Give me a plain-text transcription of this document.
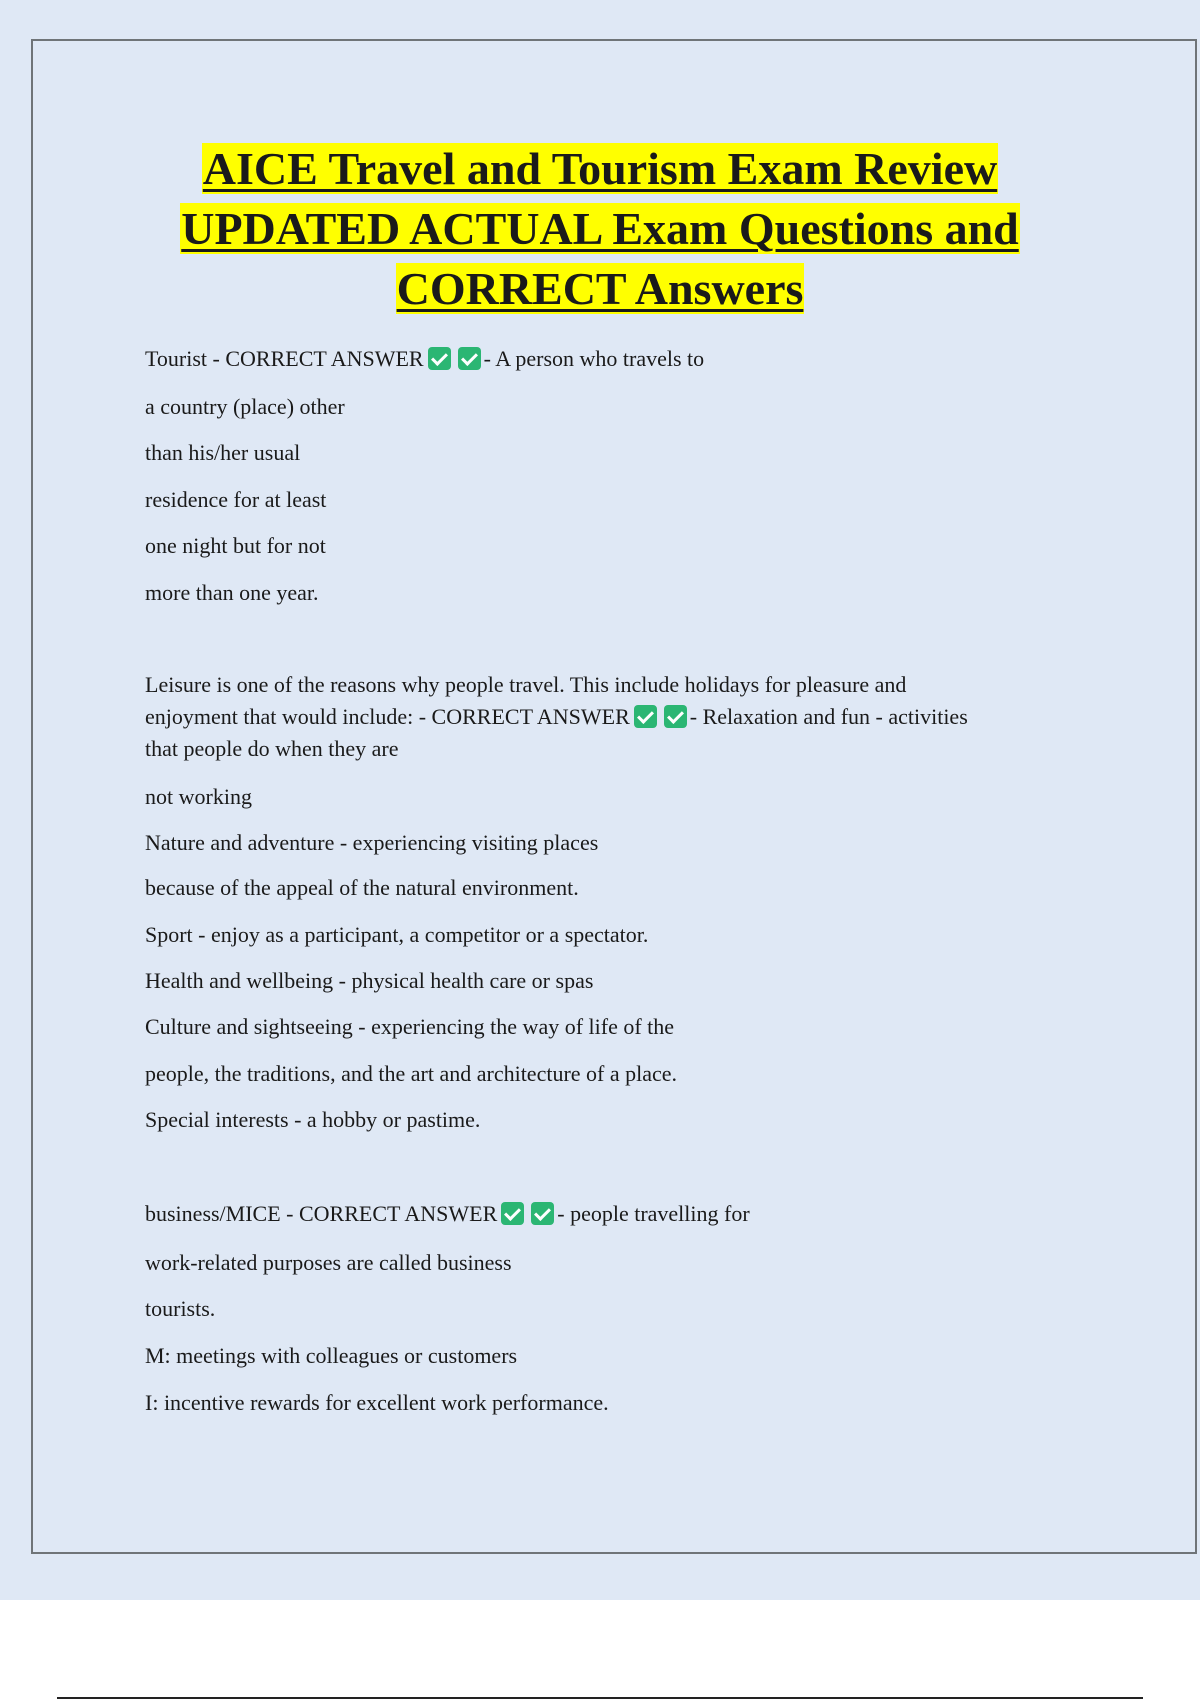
AICE Travel and Tourism Exam Review
UPDATED ACTUAL Exam Questions and
CORRECT Answers

Tourist - CORRECT ANSWER	- A person who travels to

a country (place) other

than his/her usual

residence for at least

one night but for not

more than one year.

Leisure is one of the reasons why people travel. This include holidays for pleasure and
enjoyment that would include: - CORRECT ANSWER	- Relaxation and fun - activities
that people do when they are

not working

Nature and adventure - experiencing visiting places

because of the appeal of the natural environment.

Sport - enjoy as a participant, a competitor or a spectator.

Health and wellbeing - physical health care or spas

Culture and sightseeing - experiencing the way of life of the

people, the traditions, and the art and architecture of a place.

Special interests - a hobby or pastime.

business/MICE - CORRECT ANSWER	- people travelling for

work-related purposes are called business

tourists.

M: meetings with colleagues or customers

I: incentive rewards for excellent work performance.
